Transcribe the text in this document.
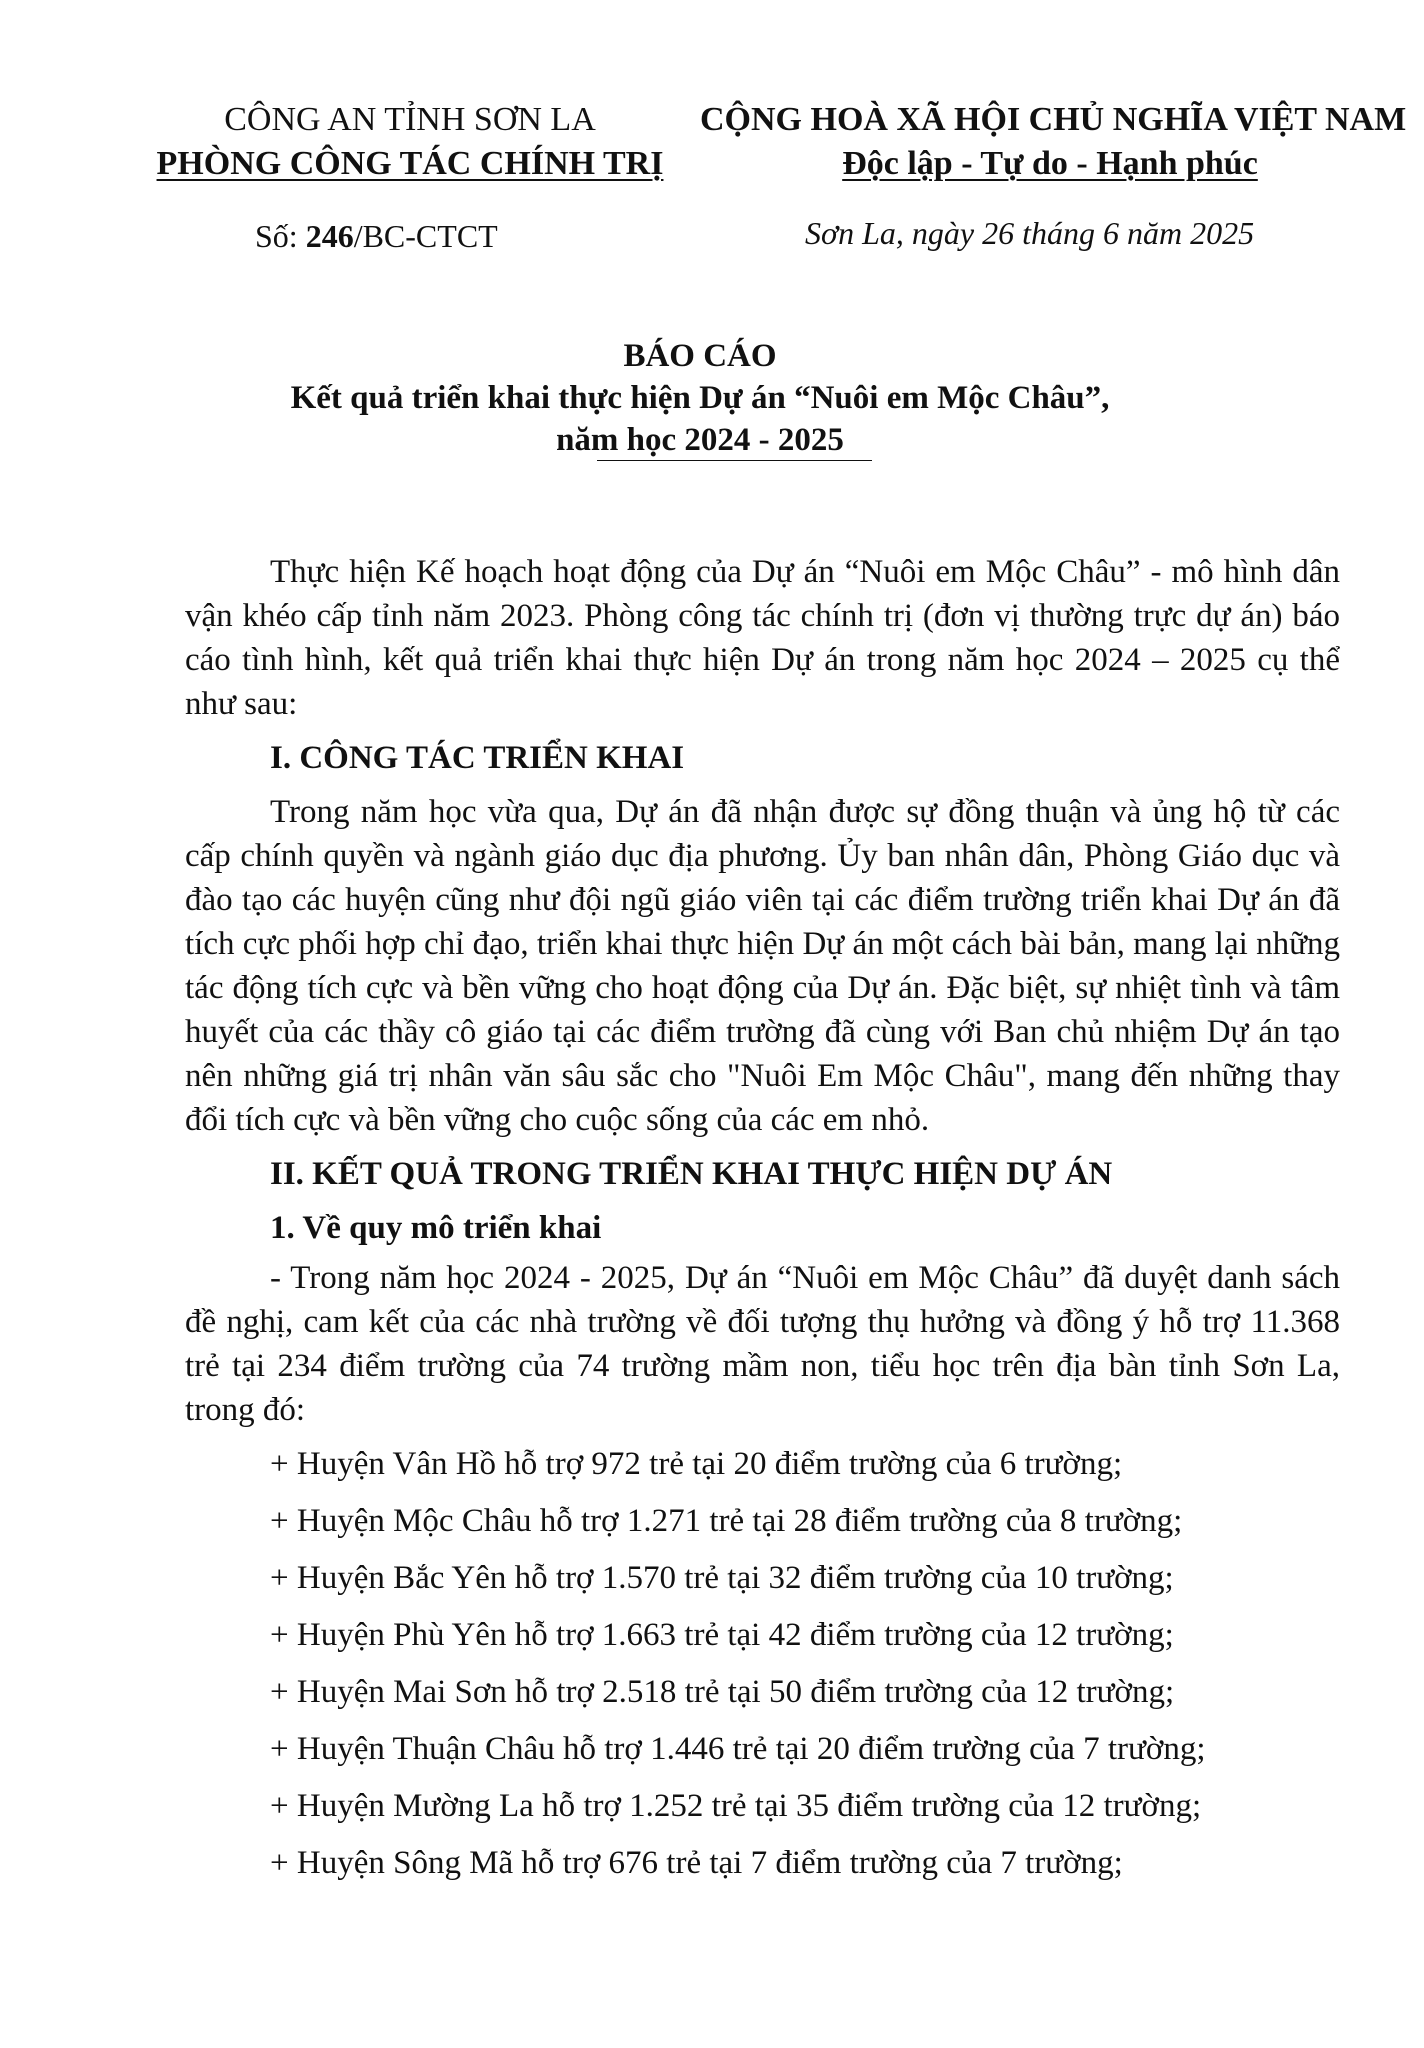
CÔNG AN TỈNH SƠN LA
PHÒNG CÔNG TÁC CHÍNH TRỊ
CỘNG HOÀ XÃ HỘI CHỦ NGHĨA VIỆT NAM
Độc lập - Tự do - Hạnh phúc
Số: 246/BC-CTCT	Sơn La, ngày 26 tháng 6 năm 2025
BÁO CÁO
Kết quả triển khai thực hiện Dự án “Nuôi em Mộc Châu”,
năm học 2024 - 2025

Thực hiện Kế hoạch hoạt động của Dự án “Nuôi em Mộc Châu” - mô hình dân vận khéo cấp tỉnh năm 2023. Phòng công tác chính trị (đơn vị thường trực dự án) báo cáo tình hình, kết quả triển khai thực hiện Dự án trong năm học 2024 – 2025 cụ thể như sau:

I. CÔNG TÁC TRIỂN KHAI

Trong năm học vừa qua, Dự án đã nhận được sự đồng thuận và ủng hộ từ các cấp chính quyền và ngành giáo dục địa phương. Ủy ban nhân dân, Phòng Giáo dục và đào tạo các huyện cũng như đội ngũ giáo viên tại các điểm trường triển khai Dự án đã tích cực phối hợp chỉ đạo, triển khai thực hiện Dự án một cách bài bản, mang lại những tác động tích cực và bền vững cho hoạt động của Dự án. Đặc biệt, sự nhiệt tình và tâm huyết của các thầy cô giáo tại các điểm trường đã cùng với Ban chủ nhiệm Dự án tạo nên những giá trị nhân văn sâu sắc cho "Nuôi Em Mộc Châu", mang đến những thay đổi tích cực và bền vững cho cuộc sống của các em nhỏ.

II. KẾT QUẢ TRONG TRIỂN KHAI THỰC HIỆN DỰ ÁN
1. Về quy mô triển khai

- Trong năm học 2024 - 2025, Dự án “Nuôi em Mộc Châu” đã duyệt danh sách đề nghị, cam kết của các nhà trường về đối tượng thụ hưởng và đồng ý hỗ trợ 11.368 trẻ tại 234 điểm trường của 74 trường mầm non, tiểu học trên địa bàn tỉnh Sơn La, trong đó:

+ Huyện Vân Hồ hỗ trợ 972 trẻ tại 20 điểm trường của 6 trường;
+ Huyện Mộc Châu hỗ trợ 1.271 trẻ tại 28 điểm trường của 8 trường;
+ Huyện Bắc Yên hỗ trợ 1.570 trẻ tại 32 điểm trường của 10 trường;
+ Huyện Phù Yên hỗ trợ 1.663 trẻ tại 42 điểm trường của 12 trường;
+ Huyện Mai Sơn hỗ trợ 2.518 trẻ tại 50 điểm trường của 12 trường;
+ Huyện Thuận Châu hỗ trợ 1.446 trẻ tại 20 điểm trường của 7 trường;
+ Huyện Mường La hỗ trợ 1.252 trẻ tại 35 điểm trường của 12 trường;
+ Huyện Sông Mã hỗ trợ 676 trẻ tại 7 điểm trường của 7 trường;
